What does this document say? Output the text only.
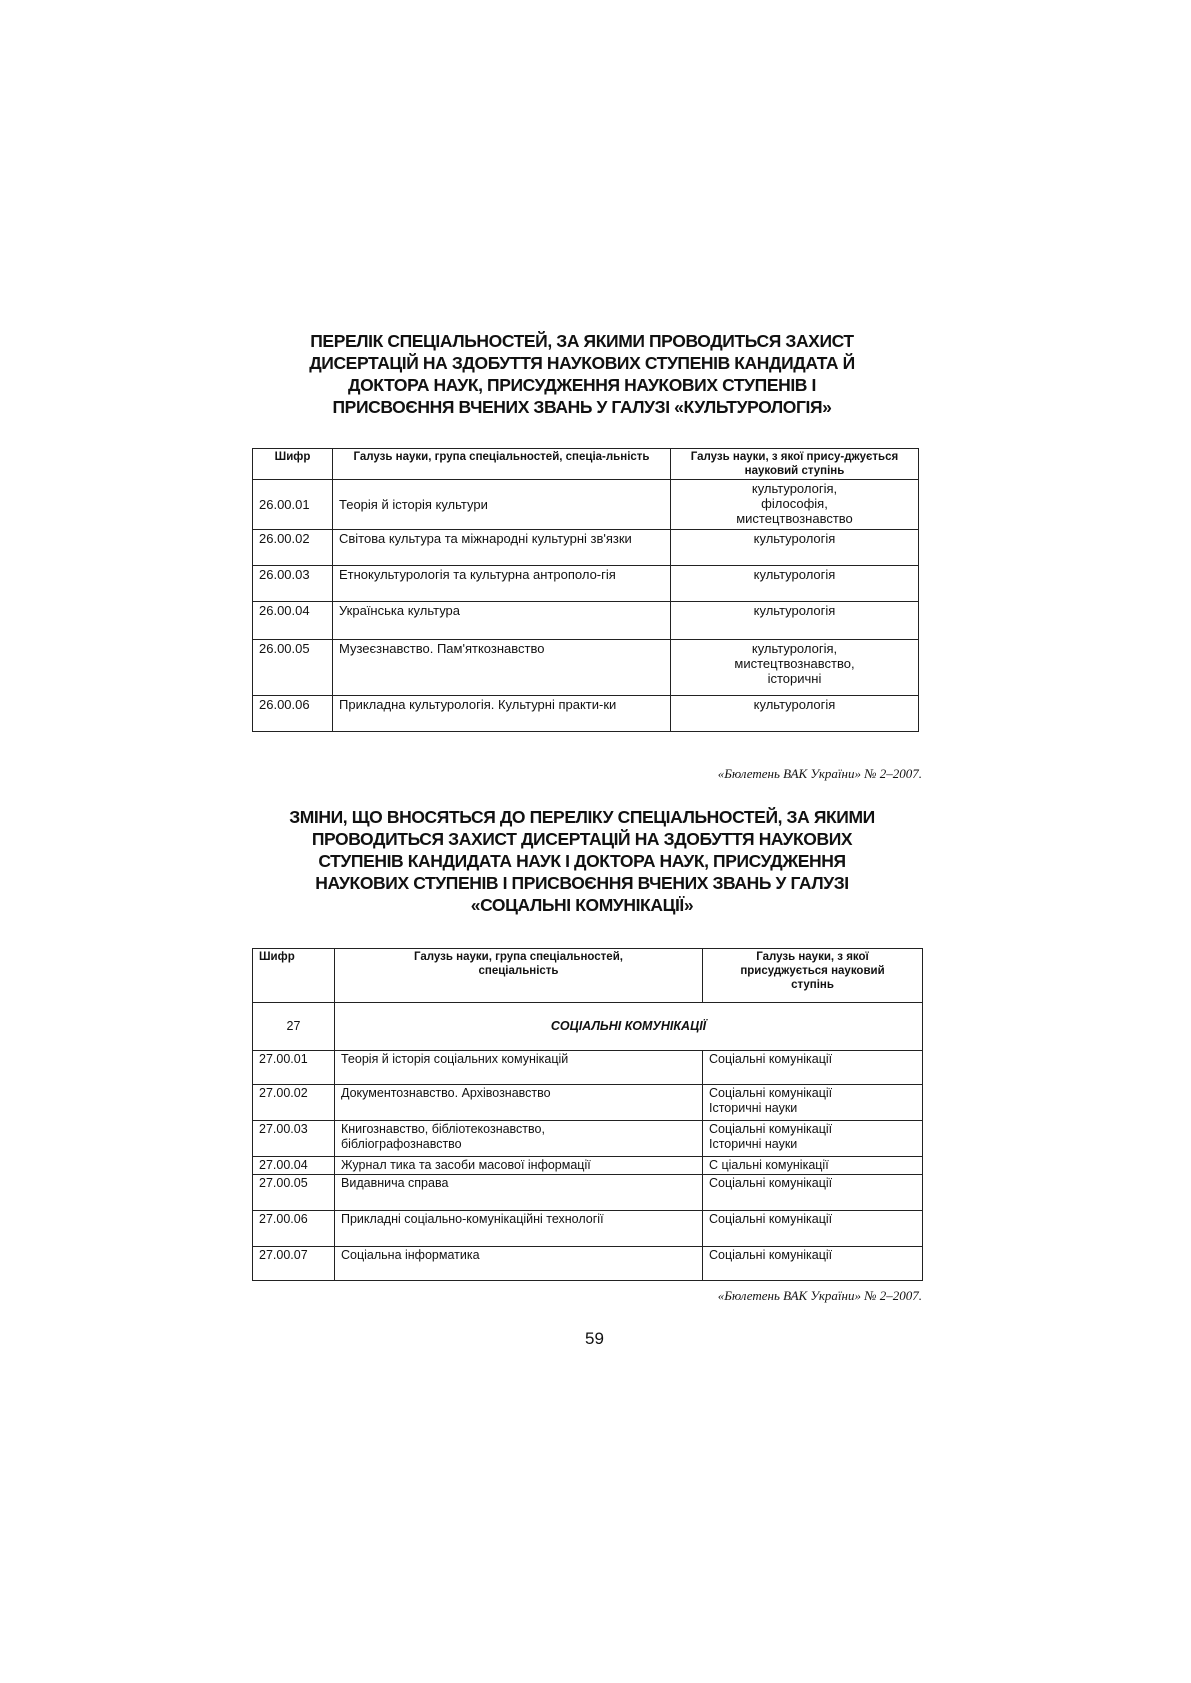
ПЕРЕЛІК СПЕЦІАЛЬНОСТЕЙ, ЗА ЯКИМИ ПРОВОДИТЬСЯ ЗАХИСТ
ДИСЕРТАЦІЙ НА ЗДОБУТТЯ НАУКОВИХ СТУПЕНІВ КАНДИДАТА Й
ДОКТОРА НАУК, ПРИСУДЖЕННЯ НАУКОВИХ СТУПЕНІВ І
ПРИСВОЄННЯ ВЧЕНИХ ЗВАНЬ У ГАЛУЗІ «КУЛЬТУРОЛОГІЯ»
Шифр	Галузь науки, група спеціальностей, спеціа-льність	Галузь науки, з якої прису-джується науковий ступінь
26.00.01	Теорія й історія культури	культурологія,
філософія,
мистецтвознавство
26.00.02	Світова культура та міжнародні культурні зв'язки	культурологія
26.00.03	Етнокультурологія та культурна антрополо-гія	культурологія
26.00.04	Українська культура	культурологія
26.00.05	Музеєзнавство. Пам'яткознавство	культурологія,
мистецтвознавство,
історичні
26.00.06	Прикладна культурологія. Культурні практи-ки	культурологія
«Бюлетень ВАК України» № 2–2007.
ЗМІНИ, ЩО ВНОСЯТЬСЯ ДО ПЕРЕЛІКУ СПЕЦІАЛЬНОСТЕЙ, ЗА ЯКИМИ
ПРОВОДИТЬСЯ ЗАХИСТ ДИСЕРТАЦІЙ НА ЗДОБУТТЯ НАУКОВИХ
СТУПЕНІВ КАНДИДАТА НАУК І ДОКТОРА НАУК, ПРИСУДЖЕННЯ
НАУКОВИХ СТУПЕНІВ І ПРИСВОЄННЯ ВЧЕНИХ ЗВАНЬ У ГАЛУЗІ
«СОЦАЛЬНІ КОМУНІКАЦІЇ»
Шифр	Галузь науки, група спеціальностей,
спеціальність	Галузь науки, з якої
присуджується науковий
ступінь
27	СОЦІАЛЬНІ КОМУНІКАЦІЇ	
27.00.01	Теорія й історія соціальних комунікацій	Соціальні комунікації
27.00.02	Документознавство. Архівознавство	Соціальні комунікації
Історичні науки
27.00.03	Книгознавство, бібліотекознавство,
бібліографознавство	Соціальні комунікації
Історичні науки
27.00.04	Журнал тика та засоби масової інформації	С ціальні комунікації
27.00.05	Видавнича справа	Соціальні комунікації
27.00.06	Прикладні соціально-комунікаційні технології	Соціальні комунікації
27.00.07	Соціальна інформатика	Соціальні комунікації
«Бюлетень ВАК України» № 2–2007.
59
